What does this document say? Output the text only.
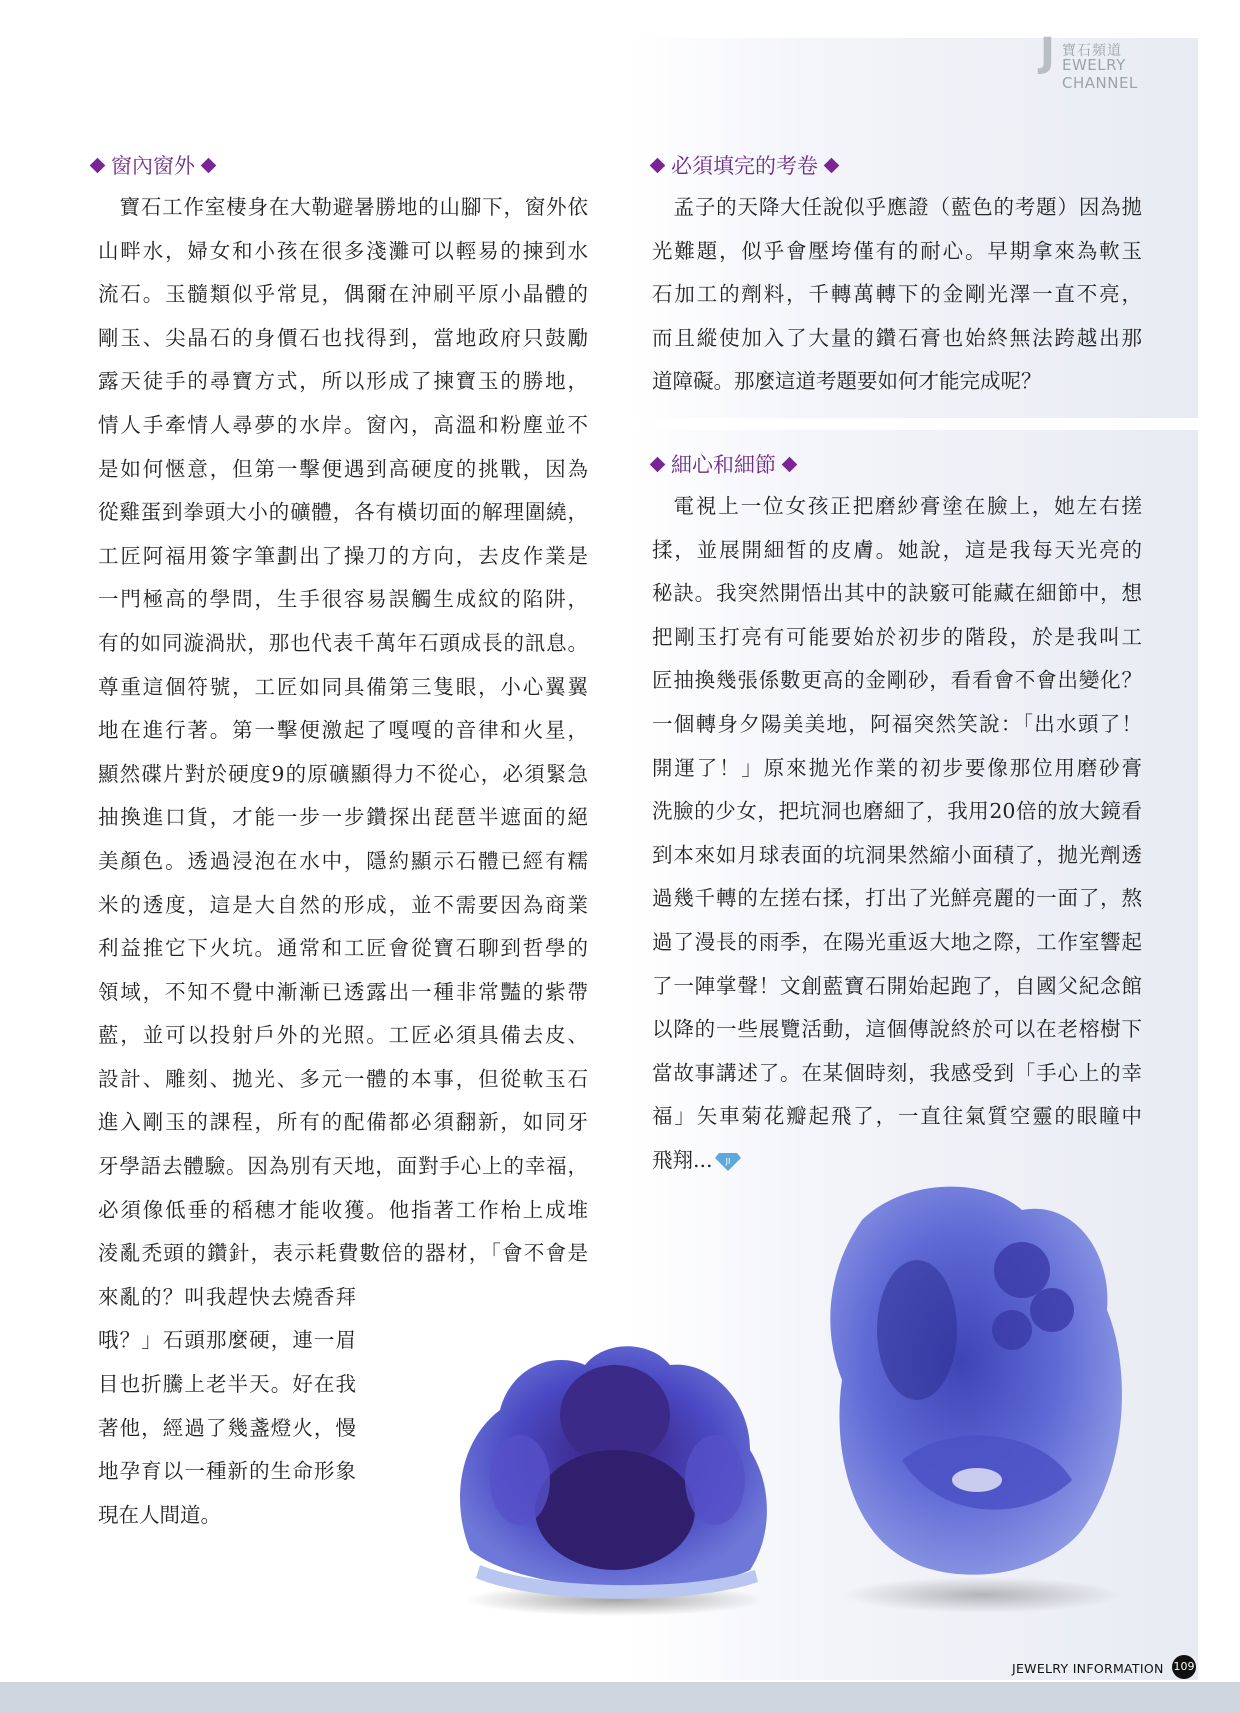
J 寶石頻道
EWELRY CHANNEL
窗內窗外
寶石工作室棲身在大勒避暑勝地的山腳下，窗外依
山畔水，婦女和小孩在很多淺灘可以輕易的揀到水
流石。玉髓類似乎常見，偶爾在沖刷平原小晶體的
剛玉、尖晶石的身價石也找得到，當地政府只鼓勵
露天徒手的尋寶方式，所以形成了揀寶玉的勝地，
情人手牽情人尋夢的水岸。窗內，高溫和粉塵並不
是如何愜意，但第一擊便遇到高硬度的挑戰，因為
從雞蛋到拳頭大小的礦體，各有橫切面的解理圍繞，
工匠阿福用簽字筆劃出了操刀的方向，去皮作業是
一門極高的學問，生手很容易誤觸生成紋的陷阱，
有的如同漩渦狀，那也代表千萬年石頭成長的訊息。
尊重這個符號，工匠如同具備第三隻眼，小心翼翼
地在進行著。第一擊便激起了嘎嘎的音律和火星，
顯然碟片對於硬度9的原礦顯得力不從心，必須緊急
抽換進口貨，才能一步一步鑽探出琵琶半遮面的絕
美顏色。透過浸泡在水中，隱約顯示石體已經有糯
米的透度，這是大自然的形成，並不需要因為商業
利益推它下火坑。通常和工匠會從寶石聊到哲學的
領域，不知不覺中漸漸已透露出一種非常豔的紫帶
藍，並可以投射戶外的光照。工匠必須具備去皮、
設計、雕刻、拋光、多元一體的本事，但從軟玉石
進入剛玉的課程，所有的配備都必須翻新，如同牙
牙學語去體驗。因為別有天地，面對手心上的幸福，
必須像低垂的稻穗才能收獲。他指著工作枱上成堆
淩亂禿頭的鑽針，表示耗費數倍的器材，「會不會是
來亂的？叫我趕快去燒香拜
哦？」石頭那麼硬，連一眉
目也折騰上老半天。好在我
著他，經過了幾盞燈火，慢
地孕育以一種新的生命形象
現在人間道。
必須填完的考卷
孟子的天降大任說似乎應證（藍色的考題）因為拋
光難題，似乎會壓垮僅有的耐心。早期拿來為軟玉
石加工的劑料，千轉萬轉下的金剛光澤一直不亮，
而且縱使加入了大量的鑽石膏也始終無法跨越出那
道障礙。那麼這道考題要如何才能完成呢？
細心和細節
電視上一位女孩正把磨紗膏塗在臉上，她左右搓
揉，並展開細皙的皮膚。她說，這是我每天光亮的
秘訣。我突然開悟出其中的訣竅可能藏在細節中，想
把剛玉打亮有可能要始於初步的階段，於是我叫工
匠抽換幾張係數更高的金剛砂，看看會不會出變化？
一個轉身夕陽美美地，阿福突然笑說：「出水頭了！
開運了！」原來拋光作業的初步要像那位用磨砂膏
洗臉的少女，把坑洞也磨細了，我用20倍的放大鏡看
到本來如月球表面的坑洞果然縮小面積了，拋光劑透
過幾千轉的左搓右揉，打出了光鮮亮麗的一面了，熬
過了漫長的雨季，在陽光重返大地之際，工作室響起
了一陣掌聲！文創藍寶石開始起跑了，自國父紀念館
以降的一些展覽活動，這個傳說終於可以在老榕樹下
當故事講述了。在某個時刻，我感受到「手心上的幸
福」矢車菊花瓣起飛了，一直往氣質空靈的眼瞳中
飛翔... JI
JEWELRY INFORMATION 109
